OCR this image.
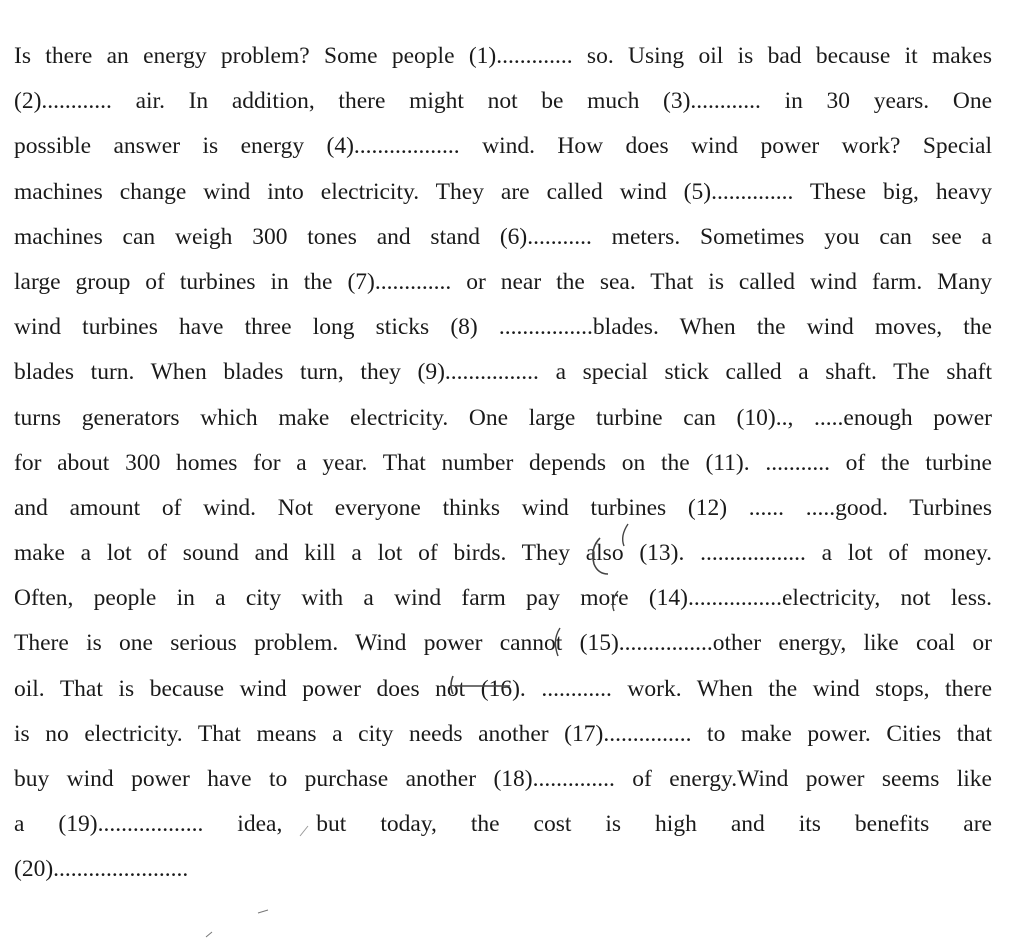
Is there an energy problem? Some people (1)............. so. Using oil is bad because it makes
(2)............ air. In addition, there might not be much (3)............ in 30 years. One
possible answer is energy (4).................. wind. How does wind power work? Special
machines change wind into electricity. They are called wind (5).............. These big, heavy
machines can weigh 300 tones and stand (6)........... meters. Sometimes you can see a
large group of turbines in the (7)............. or near the sea. That is called wind farm. Many
wind turbines have three long sticks (8) ................blades. When the wind moves, the
blades turn. When blades turn, they (9)................ a special stick called a shaft. The shaft
turns generators which make electricity. One large turbine can (10).., .....enough power
for about 300 homes for a year. That number depends on the (11). ........... of the turbine
and amount of wind. Not everyone thinks wind turbines (12) ...... .....good. Turbines
make a lot of sound and kill a lot of birds. They also (13). .................. a lot of money.
Often, people in a city with a wind farm pay more (14)................electricity, not less.
There is one serious problem. Wind power cannot (15)................other energy, like coal or
oil. That is because wind power does not (16). ............ work. When the wind stops, there
is no electricity. That means a city needs another (17)............... to make power. Cities that
buy wind power have to purchase another (18).............. of energy.Wind power seems like
a (19).................. idea, but today, the cost is high and its benefits are
(20).......................
